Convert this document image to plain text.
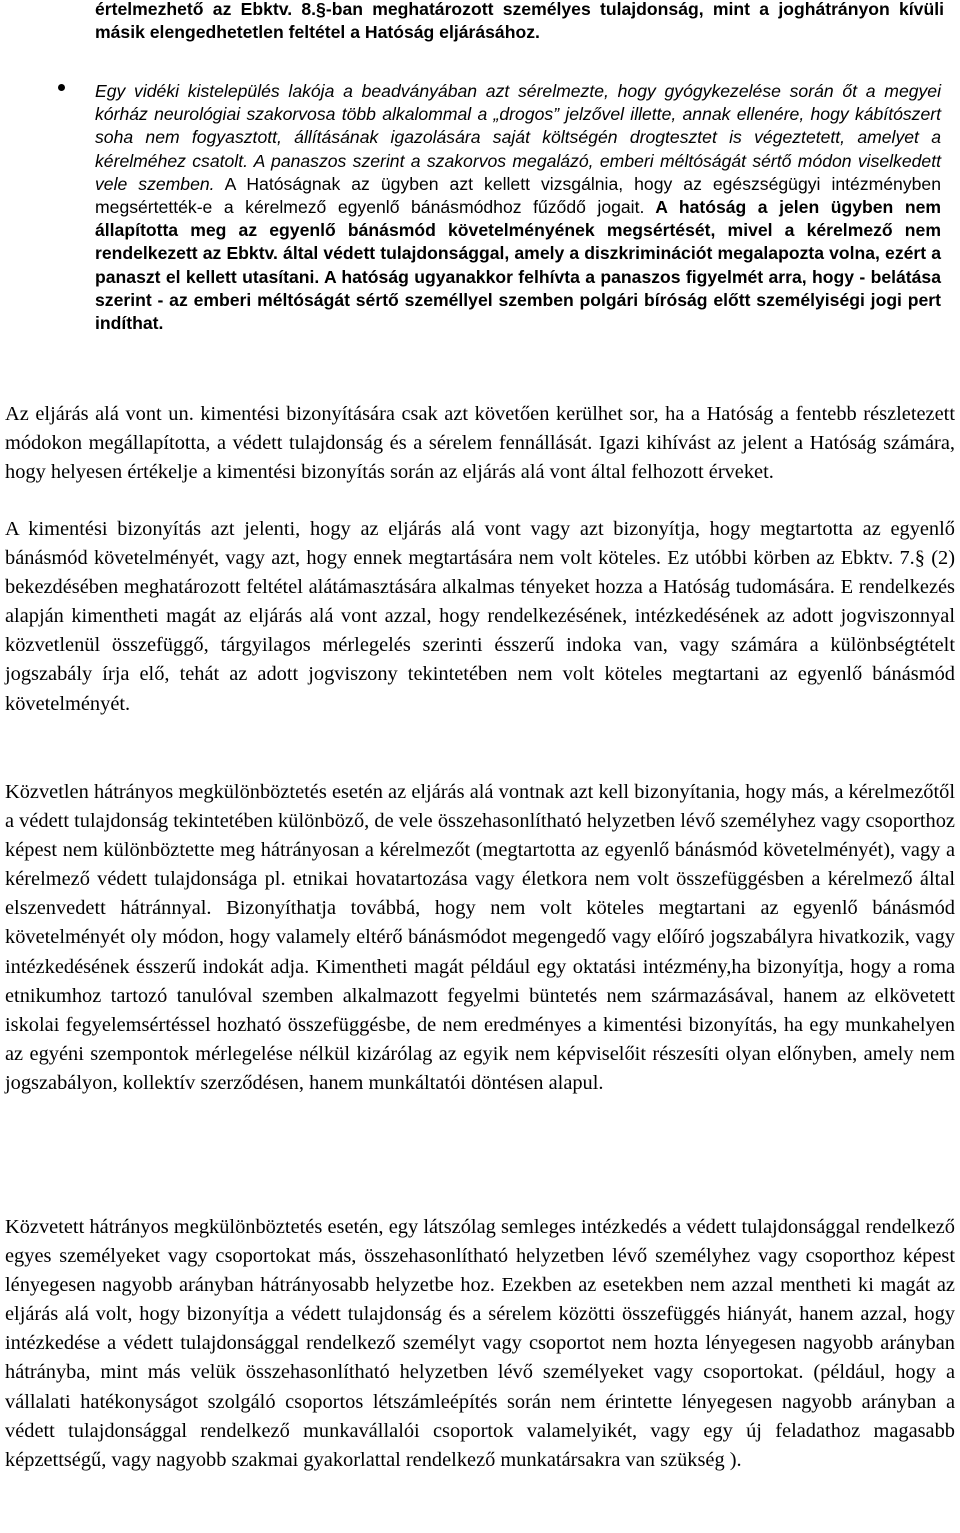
értelmezhető az Ebktv. 8.§-ban meghatározott személyes tulajdonság, mint a joghátrányon kívüli másik elengedhetetlen feltétel a Hatóság eljárásához.

Egy vidéki kistelepülés lakója a beadványában azt sérelmezte, hogy gyógykezelése során őt a megyei kórház neurológiai szakorvosa több alkalommal a „drogos” jelzővel illette, annak ellenére, hogy kábítószert soha nem fogyasztott, állításának igazolására saját költségén drogtesztet is végeztetett, amelyet a kérelméhez csatolt. A panaszos szerint a szakorvos megalázó, emberi méltóságát sértő módon viselkedett vele szemben. A Hatóságnak az ügyben azt kellett vizsgálnia, hogy az egészségügyi intézményben megsértették-e a kérelmező egyenlő bánásmódhoz fűződő jogait. A hatóság a jelen ügyben nem állapította meg az egyenlő bánásmód követelményének megsértését, mivel a kérelmező nem rendelkezett az Ebktv. által védett tulajdonsággal, amely a diszkriminációt megalapozta volna, ezért a panaszt el kellett utasítani. A hatóság ugyanakkor felhívta a panaszos figyelmét arra, hogy - belátása szerint - az emberi méltóságát sértő személlyel szemben polgári bíróság előtt személyiségi jogi pert indíthat.

Az eljárás alá vont un. kimentési bizonyítására csak azt követően kerülhet sor, ha a Hatóság a fentebb részletezett módokon megállapította, a védett tulajdonság és a sérelem fennállását. Igazi kihívást az jelent a Hatóság számára, hogy helyesen értékelje a kimentési bizonyítás során az eljárás alá vont által felhozott érveket.

A kimentési bizonyítás azt jelenti, hogy az eljárás alá vont vagy azt bizonyítja, hogy megtartotta az egyenlő bánásmód követelményét, vagy azt, hogy ennek megtartására nem volt köteles. Ez utóbbi körben az Ebktv. 7.§ (2) bekezdésében meghatározott feltétel alátámasztására alkalmas tényeket hozza a Hatóság tudomására. E rendelkezés alapján kimentheti magát az eljárás alá vont azzal, hogy rendelkezésének, intézkedésének az adott jogviszonnyal közvetlenül összefüggő, tárgyilagos mérlegelés szerinti ésszerű indoka van, vagy számára a különbségtételt jogszabály írja elő, tehát az adott jogviszony tekintetében nem volt köteles megtartani az egyenlő bánásmód követelményét.

Közvetlen hátrányos megkülönböztetés esetén az eljárás alá vontnak azt kell bizonyítania, hogy más, a kérelmezőtől a védett tulajdonság tekintetében különböző, de vele összehasonlítható helyzetben lévő személyhez vagy csoporthoz képest nem különböztette meg hátrányosan a kérelmezőt (megtartotta az egyenlő bánásmód követelményét), vagy a kérelmező védett tulajdonsága pl. etnikai hovatartozása vagy életkora nem volt összefüggésben a kérelmező által elszenvedett hátránnyal. Bizonyíthatja továbbá, hogy nem volt köteles megtartani az egyenlő bánásmód követelményét oly módon, hogy valamely eltérő bánásmódot megengedő vagy előíró jogszabályra hivatkozik, vagy intézkedésének ésszerű indokát adja. Kimentheti magát például egy oktatási intézmény,ha bizonyítja, hogy a roma etnikumhoz tartozó tanulóval szemben alkalmazott fegyelmi büntetés nem származásával, hanem az elkövetett iskolai fegyelemsértéssel hozható összefüggésbe, de nem eredményes a kimentési bizonyítás, ha egy munkahelyen az egyéni szempontok mérlegelése nélkül kizárólag az egyik nem képviselőit részesíti olyan előnyben, amely nem jogszabályon, kollektív szerződésen, hanem munkáltatói döntésen alapul.

Közvetett hátrányos megkülönböztetés esetén, egy látszólag semleges intézkedés a védett tulajdonsággal rendelkező egyes személyeket vagy csoportokat más, összehasonlítható helyzetben lévő személyhez vagy csoporthoz képest lényegesen nagyobb arányban hátrányosabb helyzetbe hoz. Ezekben az esetekben nem azzal mentheti ki magát az eljárás alá volt, hogy bizonyítja a védett tulajdonság és a sérelem közötti összefüggés hiányát, hanem azzal, hogy intézkedése a védett tulajdonsággal rendelkező személyt vagy csoportot nem hozta lényegesen nagyobb arányban hátrányba, mint más velük összehasonlítható helyzetben lévő személyeket vagy csoportokat. (például, hogy a vállalati hatékonyságot szolgáló csoportos létszámleépítés során nem érintette lényegesen nagyobb arányban a védett tulajdonsággal rendelkező munkavállalói csoportok valamelyikét, vagy egy új feladathoz magasabb képzettségű, vagy nagyobb szakmai gyakorlattal rendelkező munkatársakra van szükség ).
